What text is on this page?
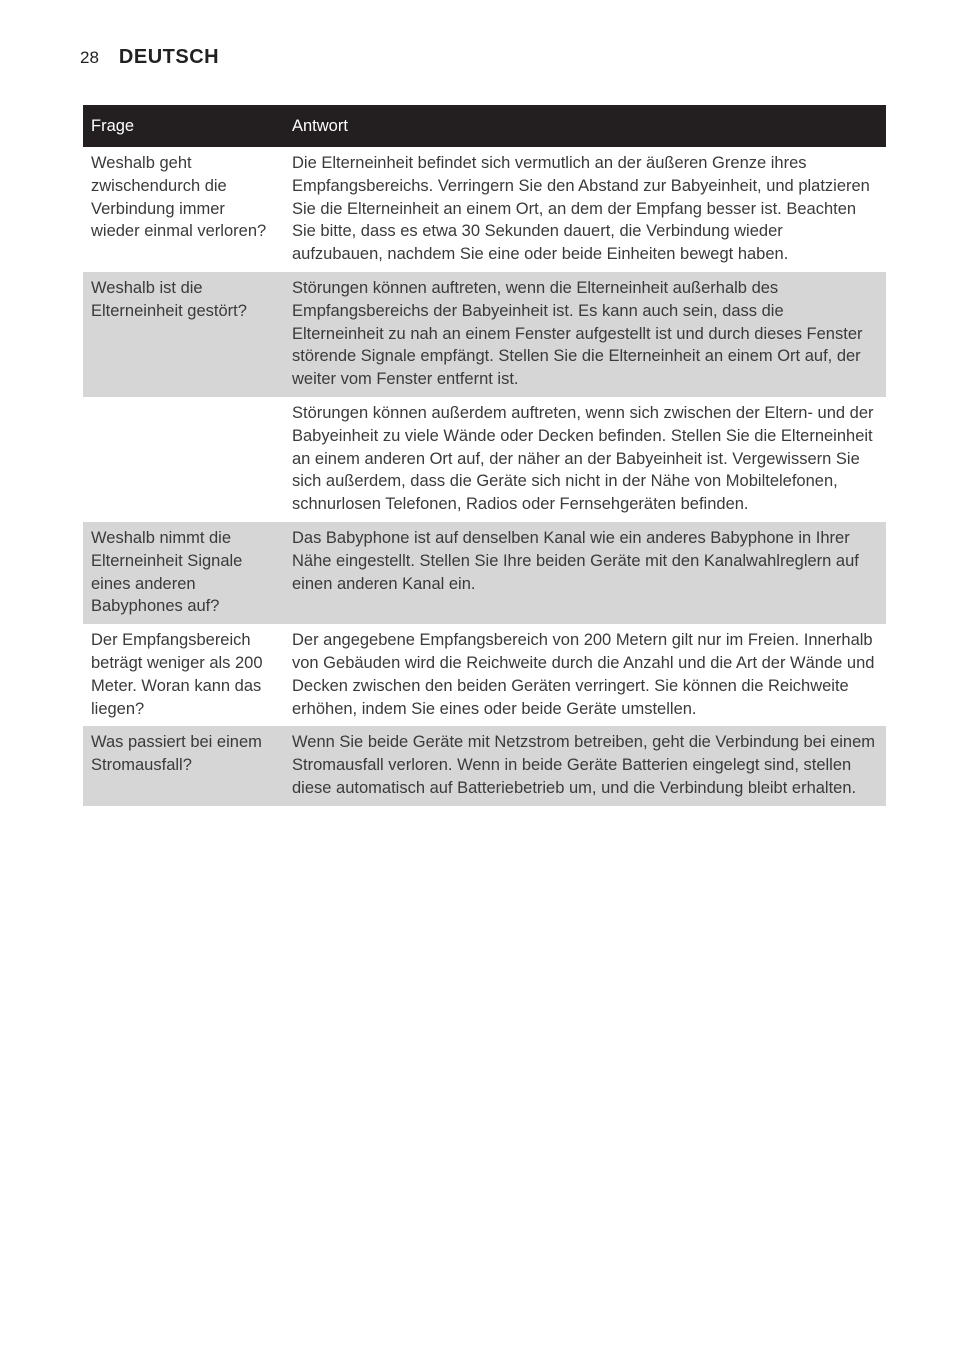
28 DEUTSCH
Frage	Antwort
Weshalb geht zwischendurch die Verbindung immer wieder einmal verloren?	Die Elterneinheit befindet sich vermutlich an der äußeren Grenze ihres Empfangsbereichs. Verringern Sie den Abstand zur Babyeinheit, und platzieren Sie die Elterneinheit an einem Ort, an dem der Empfang besser ist. Beachten Sie bitte, dass es etwa 30 Sekunden dauert, die Verbindung wieder aufzubauen, nachdem Sie eine oder beide Einheiten bewegt haben.
Weshalb ist die Elterneinheit gestört?	Störungen können auftreten, wenn die Elterneinheit außerhalb des Empfangsbereichs der Babyeinheit ist. Es kann auch sein, dass die Elterneinheit zu nah an einem Fenster aufgestellt ist und durch dieses Fenster störende Signale empfängt. Stellen Sie die Elterneinheit an einem Ort auf, der weiter vom Fenster entfernt ist.
	Störungen können außerdem auftreten, wenn sich zwischen der Eltern- und der Babyeinheit zu viele Wände oder Decken befinden. Stellen Sie die Elterneinheit an einem anderen Ort auf, der näher an der Babyeinheit ist. Vergewissern Sie sich außerdem, dass die Geräte sich nicht in der Nähe von Mobiltelefonen, schnurlosen Telefonen, Radios oder Fernsehgeräten befinden.
Weshalb nimmt die Elterneinheit Signale eines anderen Babyphones auf?	Das Babyphone ist auf denselben Kanal wie ein anderes Babyphone in Ihrer Nähe eingestellt. Stellen Sie Ihre beiden Geräte mit den Kanalwahlreglern auf einen anderen Kanal ein.
Der Empfangsbereich beträgt weniger als 200 Meter. Woran kann das liegen?	Der angegebene Empfangsbereich von 200 Metern gilt nur im Freien. Innerhalb von Gebäuden wird die Reichweite durch die Anzahl und die Art der Wände und Decken zwischen den beiden Geräten verringert. Sie können die Reichweite erhöhen, indem Sie eines oder beide Geräte umstellen.
Was passiert bei einem Stromausfall?	Wenn Sie beide Geräte mit Netzstrom betreiben, geht die Verbindung bei einem Stromausfall verloren. Wenn in beide Geräte Batterien eingelegt sind, stellen diese automatisch auf Batteriebetrieb um, und die Verbindung bleibt erhalten.
